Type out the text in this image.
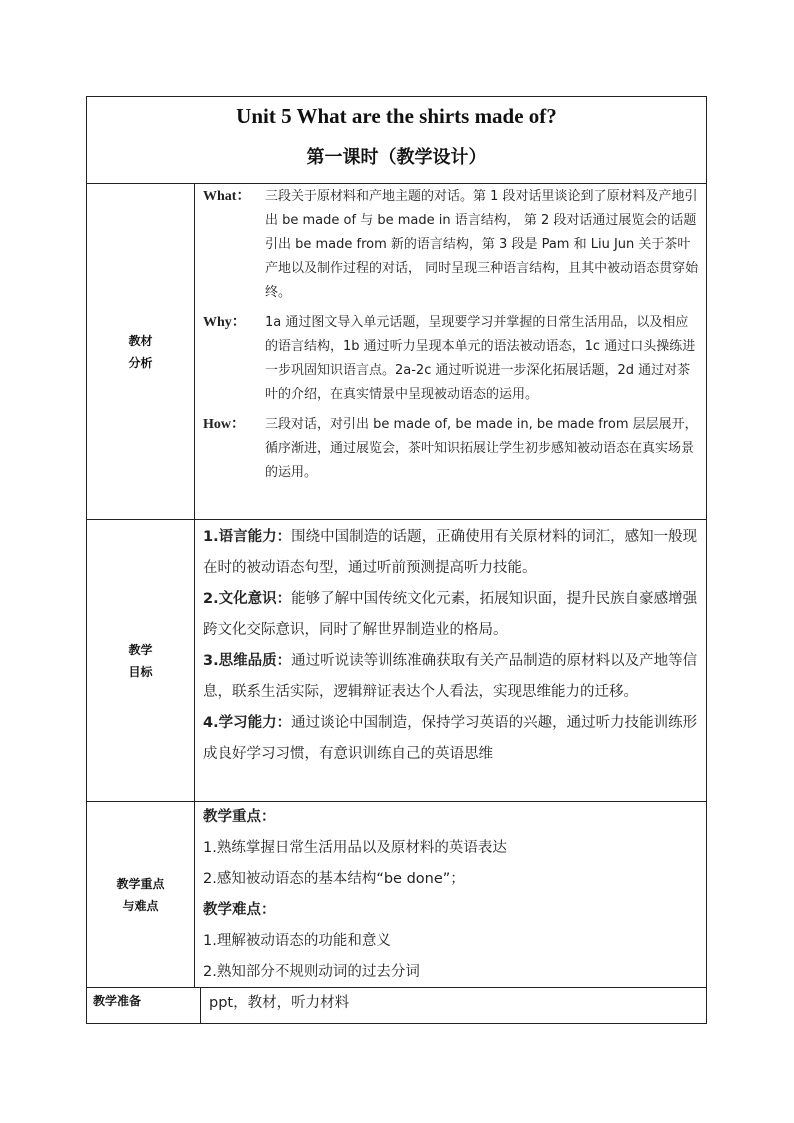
Unit 5 What are the shirts made of?
第一课时（教学设计）
教材
分析
What： 三段关于原材料和产地主题的对话。第 1 段对话里谈论到了原材料及产地引出 be made of 与 be made in 语言结构， 第 2 段对话通过展览会的话题引出 be made from 新的语言结构，第 3 段是 Pam 和 Liu Jun 关于茶叶产地以及制作过程的对话， 同时呈现三种语言结构，且其中被动语态贯穿始终。
Why： 1a 通过图文导入单元话题，呈现要学习并掌握的日常生活用品，以及相应的语言结构，1b 通过听力呈现本单元的语法被动语态，1c 通过口头操练进一步巩固知识语言点。2a-2c 通过听说进一步深化拓展话题，2d 通过对茶叶的介绍，在真实情景中呈现被动语态的运用。
How： 三段对话，对引出 be made of, be made in, be made from 层层展开，循序渐进，通过展览会，茶叶知识拓展让学生初步感知被动语态在真实场景的运用。
教学
目标
1.语言能力：围绕中国制造的话题，正确使用有关原材料的词汇，感知一般现在时的被动语态句型，通过听前预测提高听力技能。
2.文化意识：能够了解中国传统文化元素，拓展知识面，提升民族自豪感增强跨文化交际意识，同时了解世界制造业的格局。
3.思维品质：通过听说读等训练准确获取有关产品制造的原材料以及产地等信息，联系生活实际，逻辑辩证表达个人看法，实现思维能力的迁移。
4.学习能力：通过谈论中国制造，保持学习英语的兴趣，通过听力技能训练形成良好学习习惯，有意识训练自己的英语思维
教学重点
与难点
教学重点：
1.熟练掌握日常生活用品以及原材料的英语表达
2.感知被动语态的基本结构“be done”；
教学难点：
1.理解被动语态的功能和意义
2.熟知部分不规则动词的过去分词
教学准备	ppt，教材，听力材料
